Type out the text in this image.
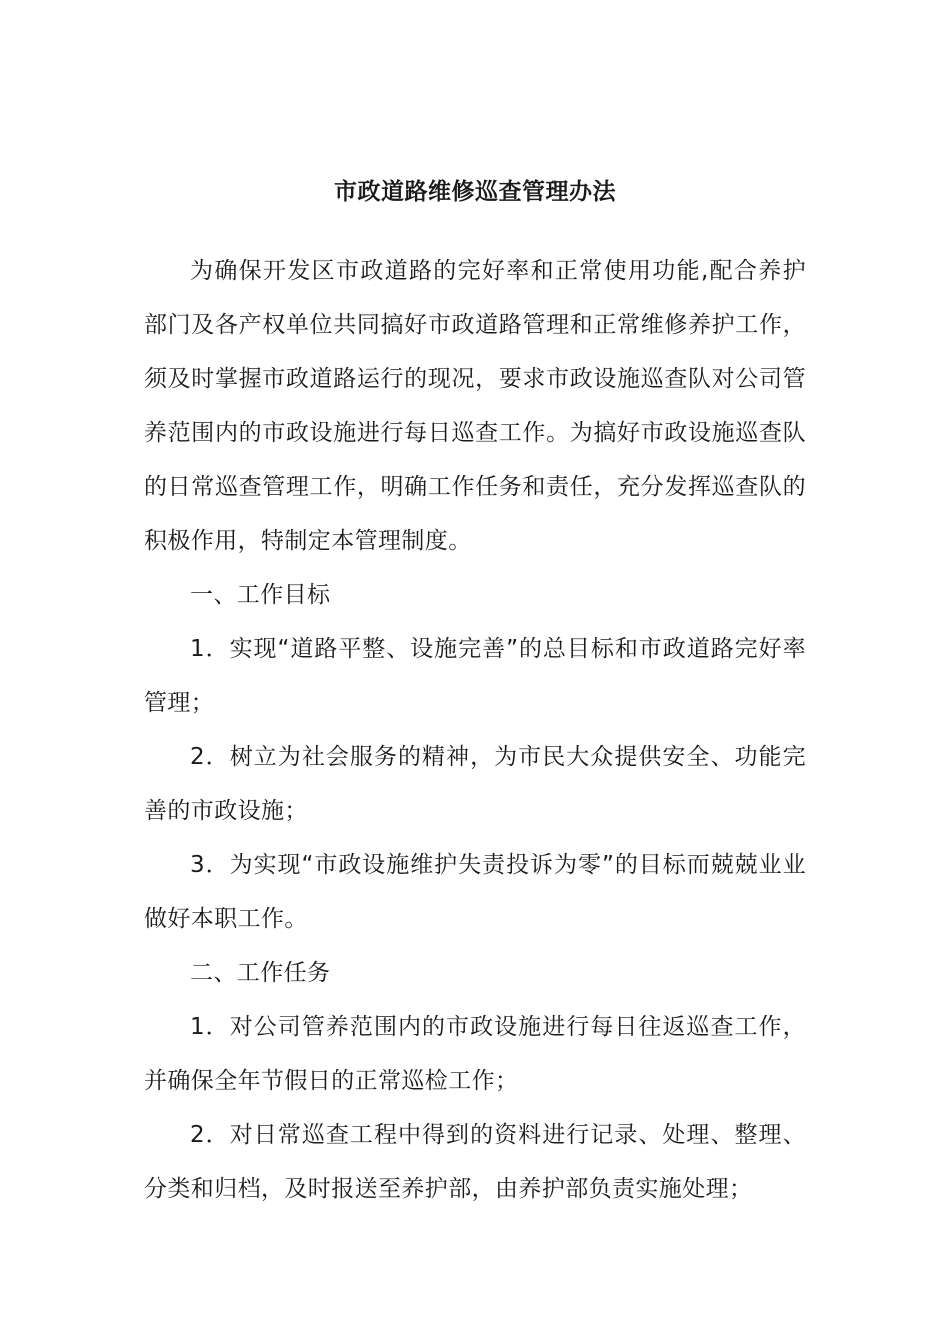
市政道路维修巡查管理办法

为确保开发区市政道路的完好率和正常使用功能,配合养护部门及各产权单位共同搞好市政道路管理和正常维修养护工作，须及时掌握市政道路运行的现况，要求市政设施巡查队对公司管养范围内的市政设施进行每日巡查工作。为搞好市政设施巡查队的日常巡查管理工作，明确工作任务和责任，充分发挥巡查队的积极作用，特制定本管理制度。

一、工作目标

1．实现“道路平整、设施完善”的总目标和市政道路完好率管理；

2．树立为社会服务的精神，为市民大众提供安全、功能完善的市政设施；

3．为实现“市政设施维护失责投诉为零”的目标而兢兢业业做好本职工作。

二、工作任务

1．对公司管养范围内的市政设施进行每日往返巡查工作，并确保全年节假日的正常巡检工作；

2．对日常巡查工程中得到的资料进行记录、处理、整理、分类和归档，及时报送至养护部，由养护部负责实施处理；
